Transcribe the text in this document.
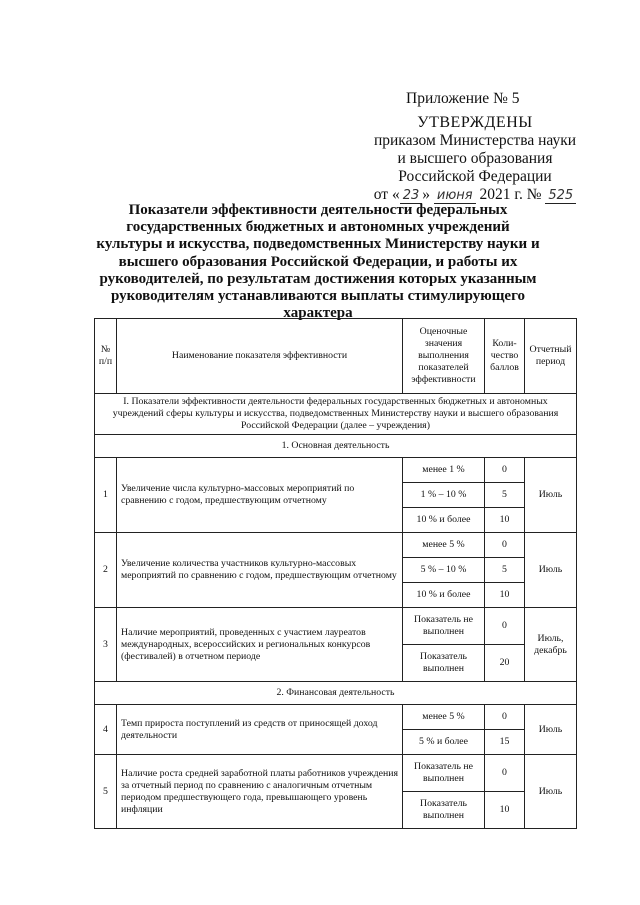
Приложение № 5
УТВЕРЖДЕНЫ
приказом Министерства науки
и высшего образования
Российской Федерации
от « 23 » июня 2021 г. № 525
Показатели эффективности деятельности федеральных государственных бюджетных и автономных учреждений культуры и искусства, подведомственных Министерству науки и высшего образования Российской Федерации, и работы их руководителей, по результатам достижения которых указанным руководителям устанавливаются выплаты стимулирующего характера
№ п/п	Наименование показателя эффективности	Оценочные значения выполнения показателей эффективности	Коли-чество баллов	Отчетный период
I. Показатели эффективности деятельности федеральных государственных бюджетных и автономных учреждений сферы культуры и искусства, подведомственных Министерству науки и высшего образования Российской Федерации (далее – учреждения)				
1. Основная деятельность				
1	Увеличение числа культурно-массовых мероприятий по сравнению с годом, предшествующим отчетному	менее 1 %	0	Июль
		1 % – 10 %	5	
		10 % и более	10	
2	Увеличение количества участников культурно-массовых мероприятий по сравнению с годом, предшествующим отчетному	менее 5 %	0	Июль
		5 % – 10 %	5	
		10 % и более	10	
3	Наличие мероприятий, проведенных с участием лауреатов международных, всероссийских и региональных конкурсов (фестивалей) в отчетном периоде	Показатель не выполнен	0	Июль, декабрь
		Показатель выполнен	20	
2. Финансовая деятельность				
4	Темп прироста поступлений из средств от приносящей доход деятельности	менее 5 %	0	Июль
		5 % и более	15	
5	Наличие роста средней заработной платы работников учреждения за отчетный период по сравнению с аналогичным отчетным периодом предшествующего года, превышающего уровень инфляции	Показатель не выполнен	0	Июль
		Показатель выполнен	10	
